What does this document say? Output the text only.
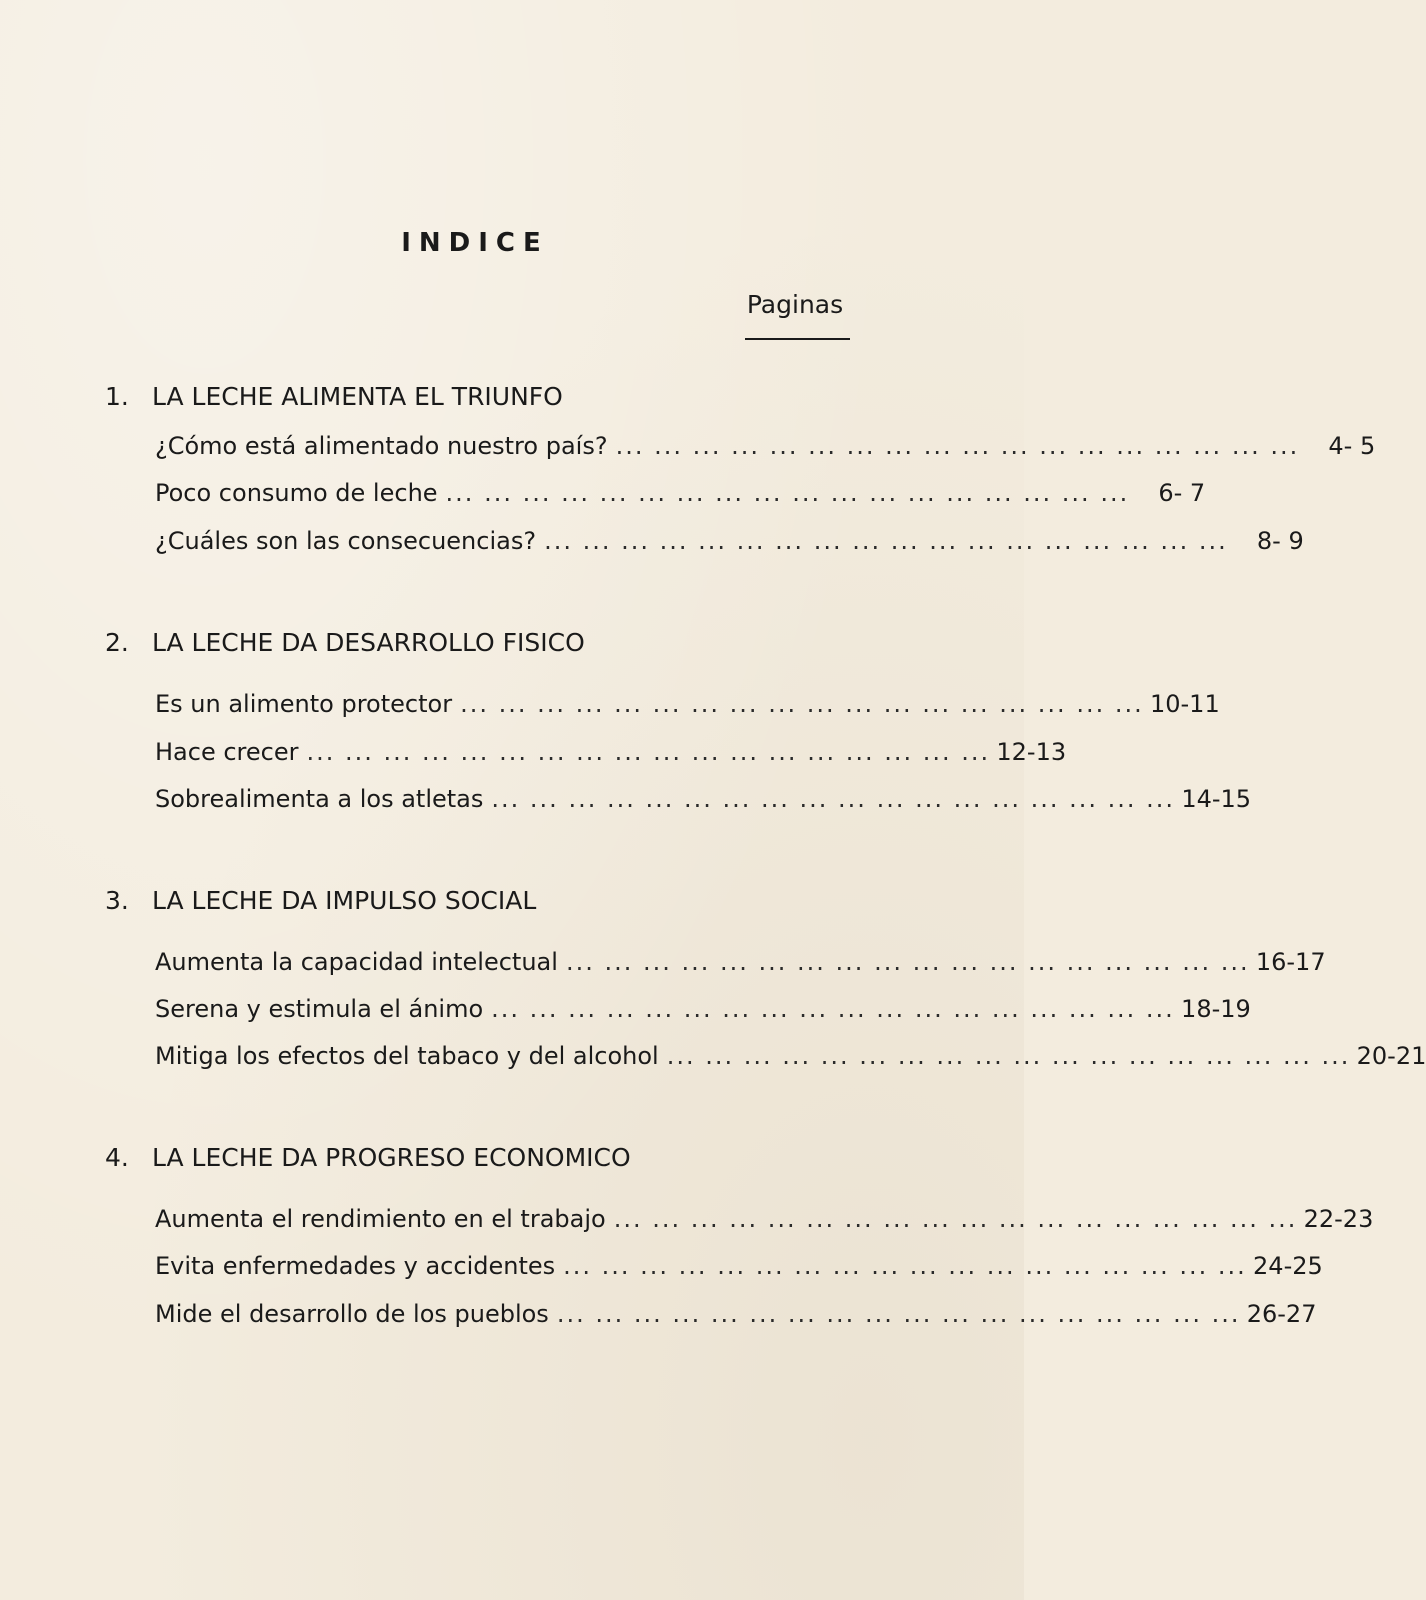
INDICE
Paginas
1. LA LECHE ALIMENTA EL TRIUNFO
¿Cómo está alimentado nuestro país? ... ... ... ... ... ... ... ... ... ... ... ... ... ... ... ... ... ...	4- 5
Poco consumo de leche ... ... ... ... ... ... ... ... ... ... ... ... ... ... ... ... ... ...	6- 7
¿Cuáles son las consecuencias? ... ... ... ... ... ... ... ... ... ... ... ... ... ... ... ... ... ...	8- 9
2. LA LECHE DA DESARROLLO FISICO
Es un alimento protector ... ... ... ... ... ... ... ... ... ... ... ... ... ... ... ... ... ... 10-11
Hace crecer ... ... ... ... ... ... ... ... ... ... ... ... ... ... ... ... ... ... 12-13
Sobrealimenta a los atletas ... ... ... ... ... ... ... ... ... ... ... ... ... ... ... ... ... ... 14-15
3. LA LECHE DA IMPULSO SOCIAL
Aumenta la capacidad intelectual ... ... ... ... ... ... ... ... ... ... ... ... ... ... ... ... ... ... 16-17
Serena y estimula el ánimo ... ... ... ... ... ... ... ... ... ... ... ... ... ... ... ... ... ... 18-19
Mitiga los efectos del tabaco y del alcohol ... ... ... ... ... ... ... ... ... ... ... ... ... ... ... ... ... ... 20-21
4. LA LECHE DA PROGRESO ECONOMICO
Aumenta el rendimiento en el trabajo ... ... ... ... ... ... ... ... ... ... ... ... ... ... ... ... ... ... 22-23
Evita enfermedades y accidentes ... ... ... ... ... ... ... ... ... ... ... ... ... ... ... ... ... ... 24-25
Mide el desarrollo de los pueblos ... ... ... ... ... ... ... ... ... ... ... ... ... ... ... ... ... ... 26-27
